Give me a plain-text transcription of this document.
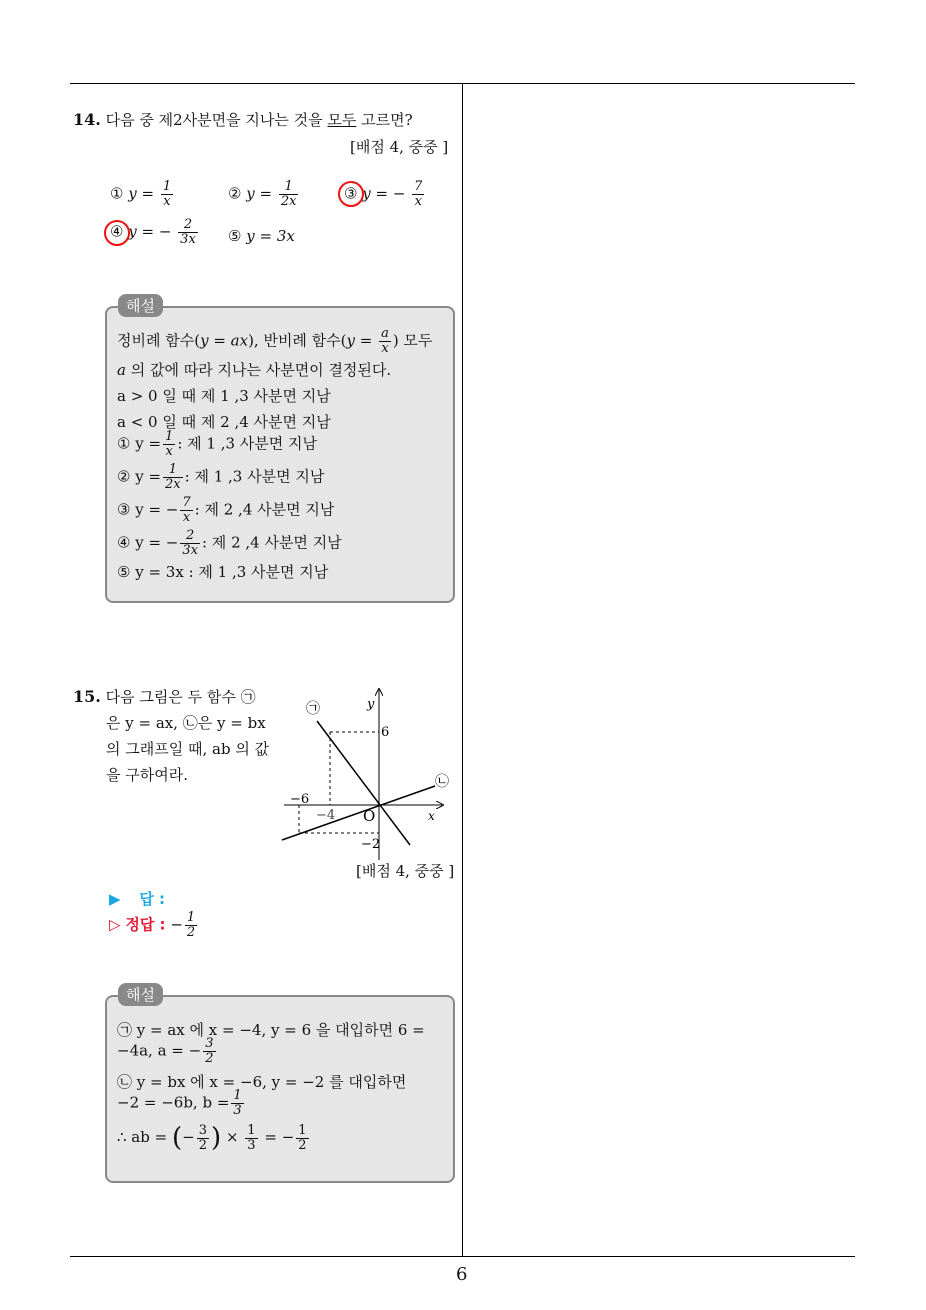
6
14. 다음 중 제2사분면을 지나는 것을 모두 고르면?
[배점 4, 중중 ]
① $y = \frac{1}{x}$	② $y = \frac{1}{2x}$	③ y = − $\frac{7}{x}$
④ y = − $\frac{2}{3x}$ ⑤ y = 3x
해설
정비례 함수(y = ax), 반비례 함수($y = \frac{a}{x}$ ) 모두
a 의 값에 따라 지나는 사분면이 결정된다.
a > 0 일 때 제 1 ,3 사분면 지남
a < 0 일 때 제 2 ,4 사분면 지남
① $y = \frac{1}{x}$ : 제 1 ,3 사분면 지남
② $y = \frac{1}{2x}$ : 제 1 ,3 사분면 지남
③ y = − $\frac{7}{x}$ : 제 2 ,4 사분면 지남
④ y = − $\frac{2}{3x}$ : 제 2 ,4 사분면 지남
⑤ y = 3x : 제 1 ,3 사분면 지남
15. 다음 그림은 두 함수 ㉠
은 y = ax, ㉡은 y = bx
의 그래프일 때, ab 의 값
을 구하여라.
y
x
O
6
−6
−4
−2
㉠
㉡
[배점 4, 중중 ]
▶ 답 :
▷ 정답 : − $\frac{1}{2}$
해설
㉠ y = ax 에 x = −4, y = 6 을 대입하면 6 =
−4a, a = − $\frac{3}{2}$
㉡ y = bx 에 x = −6, y = −2 를 대입하면
−2 = −6b, $b = \frac{1}{3}$
∴ ab = (− $\frac{3}{2}$ ) × $\frac{1}{3}$ = − $\frac{1}{2}$
